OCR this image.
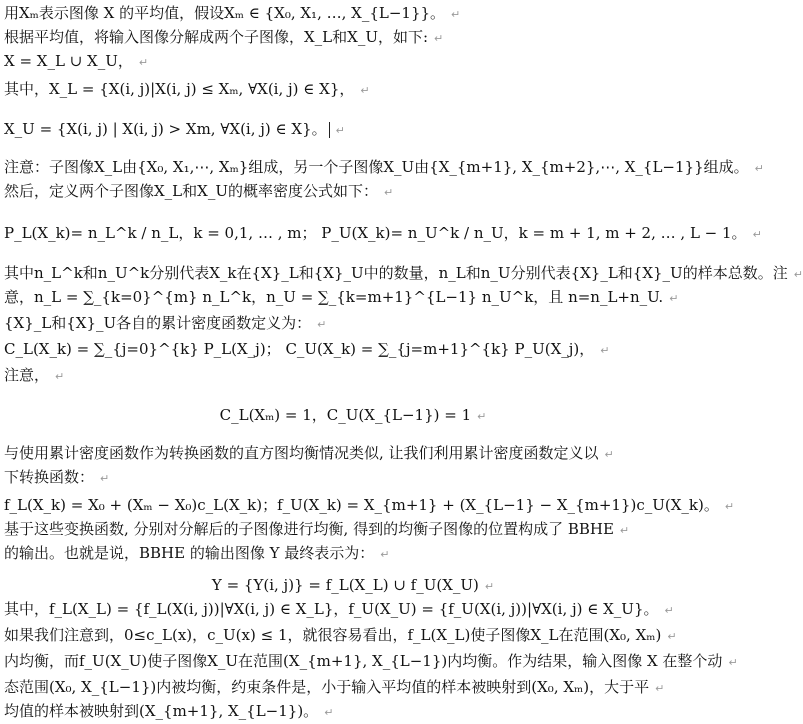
用Xₘ表示图像 X 的平均值，假设Xₘ ∈ {X₀, X₁, …, X_{L−1}}。 ↵
根据平均值，将输入图像分解成两个子图像，X_L和X_U，如下: ↵
X = X_L ∪ X_U， ↵
其中，X_L = {X(i, j)|X(i, j) ≤ Xₘ, ∀X(i, j) ∈ X}， ↵
X_U = {X(i, j) | X(i, j) > Xm, ∀X(i, j) ∈ X}。 ↵
注意：子图像X_L由{X₀, X₁,⋯, Xₘ}组成，另一个子图像X_U由{X_{m+1}, X_{m+2},⋯, X_{L−1}}组成。 ↵
然后，定义两个子图像X_L和X_U的概率密度公式如下： ↵
P_L(X_k)= n_L^k / n_L，k = 0,1, … , m； P_U(X_k)= n_U^k / n_U，k = m + 1, m + 2, … , L − 1。 ↵
其中n_L^k和n_U^k分别代表X_k在{X}_L和{X}_U中的数量，n_L和n_U分别代表{X}_L和{X}_U的样本总数。注 ↵
意，n_L = ∑_{k=0}^{m} n_L^k，n_U = ∑_{k=m+1}^{L−1} n_U^k，且 n=n_L+n_U. ↵
{X}_L和{X}_U各自的累计密度函数定义为： ↵
C_L(X_k) = ∑_{j=0}^{k} P_L(X_j)； C_U(X_k) = ∑_{j=m+1}^{k} P_U(X_j)， ↵
注意， ↵
C_L(Xₘ) = 1，C_U(X_{L−1}) = 1 ↵
与使用累计密度函数作为转换函数的直方图均衡情况类似, 让我们利用累计密度函数定义以 ↵
下转换函数： ↵
f_L(X_k) = X₀ + (Xₘ − X₀)c_L(X_k)；f_U(X_k) = X_{m+1} + (X_{L−1} − X_{m+1})c_U(X_k)。 ↵
基于这些变换函数, 分别对分解后的子图像进行均衡, 得到的均衡子图像的位置构成了 BBHE ↵
的输出。也就是说，BBHE 的输出图像 Y 最终表示为： ↵
Y = {Y(i, j)} = f_L(X_L) ∪ f_U(X_U) ↵
其中，f_L(X_L) = {f_L(X(i, j))|∀X(i, j) ∈ X_L}，f_U(X_U) = {f_U(X(i, j))|∀X(i, j) ∈ X_U}。 ↵
如果我们注意到，0≤c_L(x)，c_U(x) ≤ 1，就很容易看出，f_L(X_L)使子图像X_L在范围(X₀, Xₘ) ↵
内均衡，而f_U(X_U)使子图像X_U在范围(X_{m+1}, X_{L−1})内均衡。作为结果，输入图像 X 在整个动 ↵
态范围(X₀, X_{L−1})内被均衡，约束条件是，小于输入平均值的样本被映射到(X₀, Xₘ)，大于平 ↵
均值的样本被映射到(X_{m+1}, X_{L−1})。 ↵
